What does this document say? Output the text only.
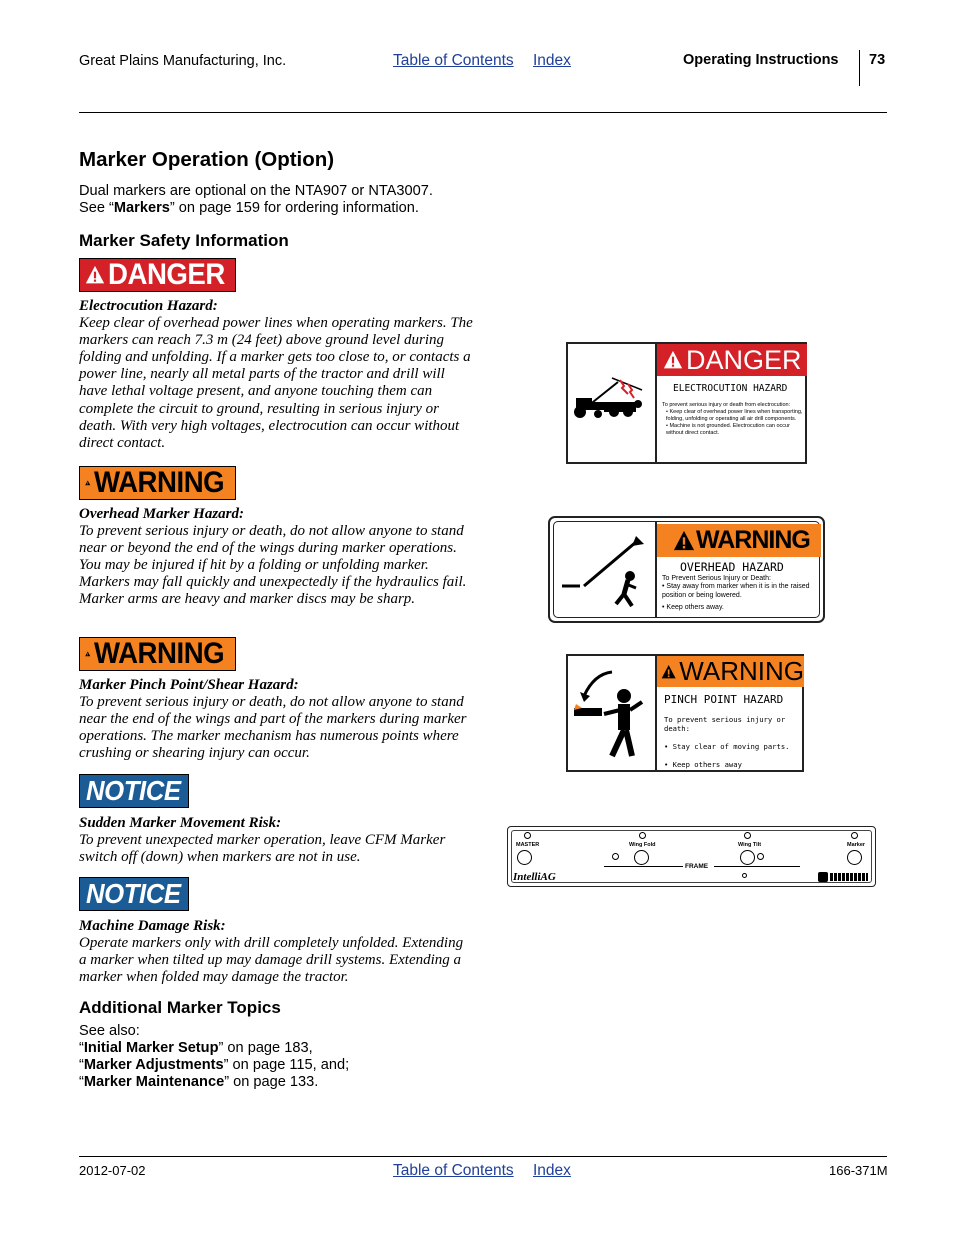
Great Plains Manufacturing, Inc.	Table of Contents Index	Operating Instructions 73
Marker Operation (Option)
Dual markers are optional on the NTA907 or NTA3007.
See “Markers” on page 159 for ordering information.
Marker Safety Information
DANGER
Electrocution Hazard:
Keep clear of overhead power lines when operating markers. The markers can reach 7.3 m (24 feet) above ground level during folding and unfolding. If a marker gets too close to, or contacts a power line, nearly all metal parts of the tractor and drill will have lethal voltage present, and anyone touching them can complete the circuit to ground, resulting in serious injury or death. With very high voltages, electrocution can occur without direct contact.
WARNING
Overhead Marker Hazard:
To prevent serious injury or death, do not allow anyone to stand near or beyond the end of the wings during marker operations. You may be injured if hit by a folding or unfolding marker. Markers may fall quickly and unexpectedly if the hydraulics fail. Marker arms are heavy and marker discs may be sharp.
WARNING
Marker Pinch Point/Shear Hazard:
To prevent serious injury or death, do not allow anyone to stand near the end of the wings and part of the markers during marker operations. The marker mechanism has numerous points where crushing or shearing injury can occur.
NOTICE
Sudden Marker Movement Risk:
To prevent unexpected marker operation, leave CFM Marker switch off (down) when markers are not in use.
NOTICE
Machine Damage Risk:
Operate markers only with drill completely unfolded. Extending a marker when tilted up may damage drill systems. Extending a marker when folded may damage the tractor.
Additional Marker Topics
See also:
“Initial Marker Setup” on page 183,
“Marker Adjustments” on page 115, and;
“Marker Maintenance” on page 133.
DANGER
ELECTROCUTION HAZARD
To prevent serious injury or death from electrocution:
• Keep clear of overhead power lines when transporting, folding, unfolding or operating all air drill components.
• Machine is not grounded. Electrocution can occur without direct contact.
WARNING
OVERHEAD HAZARD
To Prevent Serious Injury or Death:
• Stay away from marker when it is in the raised position or being lowered.
• Keep others away.
WARNING
PINCH POINT HAZARD
To prevent serious injury or death:
• Stay clear of moving parts.
• Keep others away
MASTER	Wing Fold	Wing Tilt	Marker
FRAME
IntelliAG
2012-07-02	Table of Contents Index	166-371M
